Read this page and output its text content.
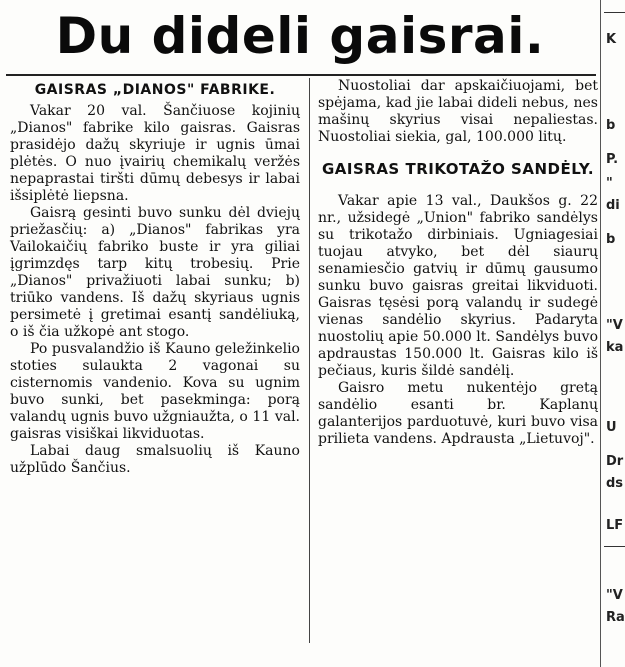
Du dideli gaisrai.
GAISRAS „DIANOS" FABRIKE.

Vakar 20 val. Šančiuose kojinių „Dianos" fabrike kilo gaisras. Gaisras prasidėjo dažų skyriuje ir ugnis ūmai plėtės. O nuo įvairių chemikalų veržės nepaprastai tiršti dūmų debesys ir labai išsiplėtė liepsna.

Gaisrą gesinti buvo sunku dėl dviejų priežasčių: a) „Dianos" fabrikas yra Vailokaičių fabriko buste ir yra giliai įgrimzdęs tarp kitų trobesių. Prie „Dianos" privažiuoti labai sunku; b) triūko vandens. Iš dažų skyriaus ugnis persimetė į gretimai esantį sandėliuką, o iš čia užkopė ant stogo.

Po pusvalandžio iš Kauno geležinkelio stoties sulaukta 2 vagonai su cisternomis vandenio. Kova su ugnim buvo sunki, bet pasekminga: porą valandų ugnis buvo užgniaužta, o 11 val. gaisras visiškai likviduotas.

Labai daug smalsuolių iš Kauno užplūdo Šančius.

Nuostoliai dar apskaičiuojami, bet spėjama, kad jie labai dideli nebus, nes mašinų skyrius visai nepaliestas. Nuostoliai siekia, gal, 100.000 litų.

GAISRAS TRIKOTAŽO SANDĖLY.

Vakar apie 13 val., Daukšos g. 22 nr., užsidegė „Union" fabriko sandėlys su trikotažo dirbiniais. Ugniagesiai tuojau atvyko, bet dėl siaurų senamiesčio gatvių ir dūmų gausumo sunku buvo gaisras greitai likviduoti. Gaisras tęsėsi porą valandų ir sudegė vienas sandėlio skyrius. Padaryta nuostolių apie 50.000 lt. Sandėlys buvo apdraustas 150.000 lt. Gaisras kilo iš pečiaus, kuris šildė sandėlį.

Gaisro metu nukentėjo gretą sandėlio esanti br. Kaplanų galanterijos parduotuvė, kuri buvo visa prilieta vandens. Apdrausta „Lietuvoj".

K
b
P.
"
di
b
"V
ka
U
Dr
ds
LF
"V
Ra
